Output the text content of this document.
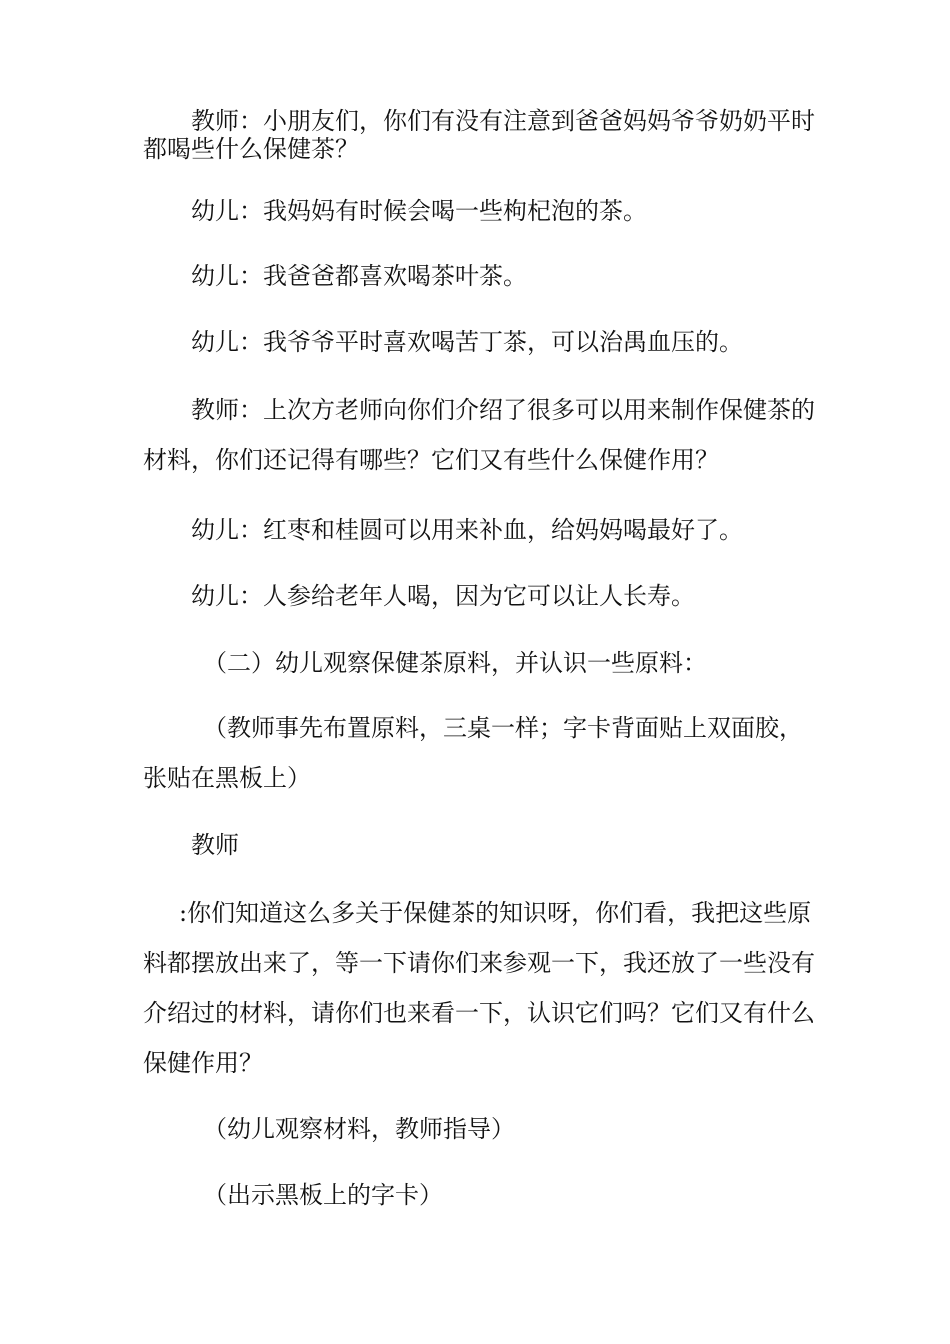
教师：小朋友们，你们有没有注意到爸爸妈妈爷爷奶奶平时都喝些什么保健茶？

幼儿：我妈妈有时候会喝一些枸杞泡的茶。

幼儿：我爸爸都喜欢喝茶叶茶。

幼儿：我爷爷平时喜欢喝苦丁茶，可以治禺血压的。

教师：上次方老师向你们介绍了很多可以用来制作保健茶的材料，你们还记得有哪些？它们又有些什么保健作用？

幼儿：红枣和桂圆可以用来补血，给妈妈喝最好了。

幼儿：人参给老年人喝，因为它可以让人长寿。

（二）幼儿观察保健茶原料，并认识一些原料：

（教师事先布置原料，三桌一样；字卡背面贴上双面胶，张贴在黑板上）

教师

:你们知道这么多关于保健茶的知识呀，你们看，我把这些原料都摆放出来了，等一下请你们来参观一下，我还放了一些没有介绍过的材料，请你们也来看一下，认识它们吗？它们又有什么保健作用？

（幼儿观察材料，教师指导）

（出示黑板上的字卡）
